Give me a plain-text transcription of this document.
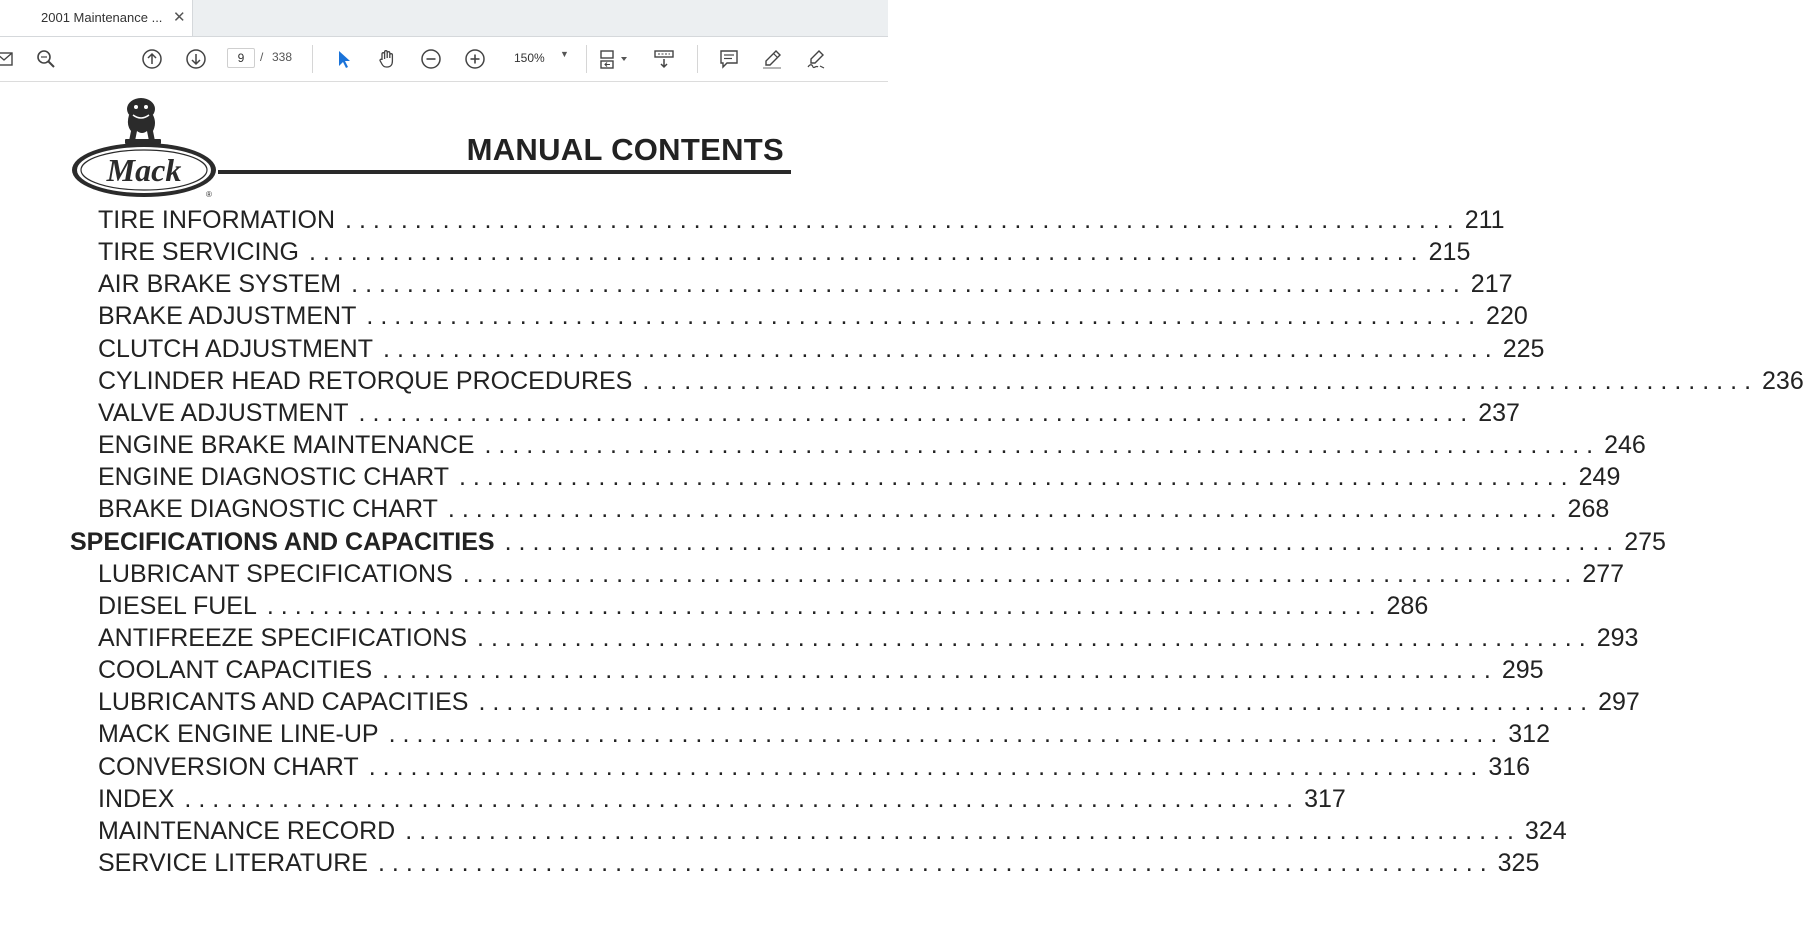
2001 Maintenance ... ✕
9	/ 338	150% ▼
Mack
®
MANUAL CONTENTS
TIRE INFORMATION ................................................................................ 211
TIRE SERVICING ................................................................................ 215
AIR BRAKE SYSTEM ................................................................................ 217
BRAKE ADJUSTMENT ................................................................................ 220
CLUTCH ADJUSTMENT ................................................................................ 225
CYLINDER HEAD RETORQUE PROCEDURES ................................................................................ 236
VALVE ADJUSTMENT ................................................................................ 237
ENGINE BRAKE MAINTENANCE ................................................................................ 246
ENGINE DIAGNOSTIC CHART ................................................................................ 249
BRAKE DIAGNOSTIC CHART ................................................................................ 268
SPECIFICATIONS AND CAPACITIES ................................................................................ 275
LUBRICANT SPECIFICATIONS ................................................................................ 277
DIESEL FUEL ................................................................................ 286
ANTIFREEZE SPECIFICATIONS ................................................................................ 293
COOLANT CAPACITIES ................................................................................ 295
LUBRICANTS AND CAPACITIES ................................................................................ 297
MACK ENGINE LINE-UP ................................................................................ 312
CONVERSION CHART ................................................................................ 316
INDEX ................................................................................ 317
MAINTENANCE RECORD ................................................................................ 324
SERVICE LITERATURE ................................................................................ 325
